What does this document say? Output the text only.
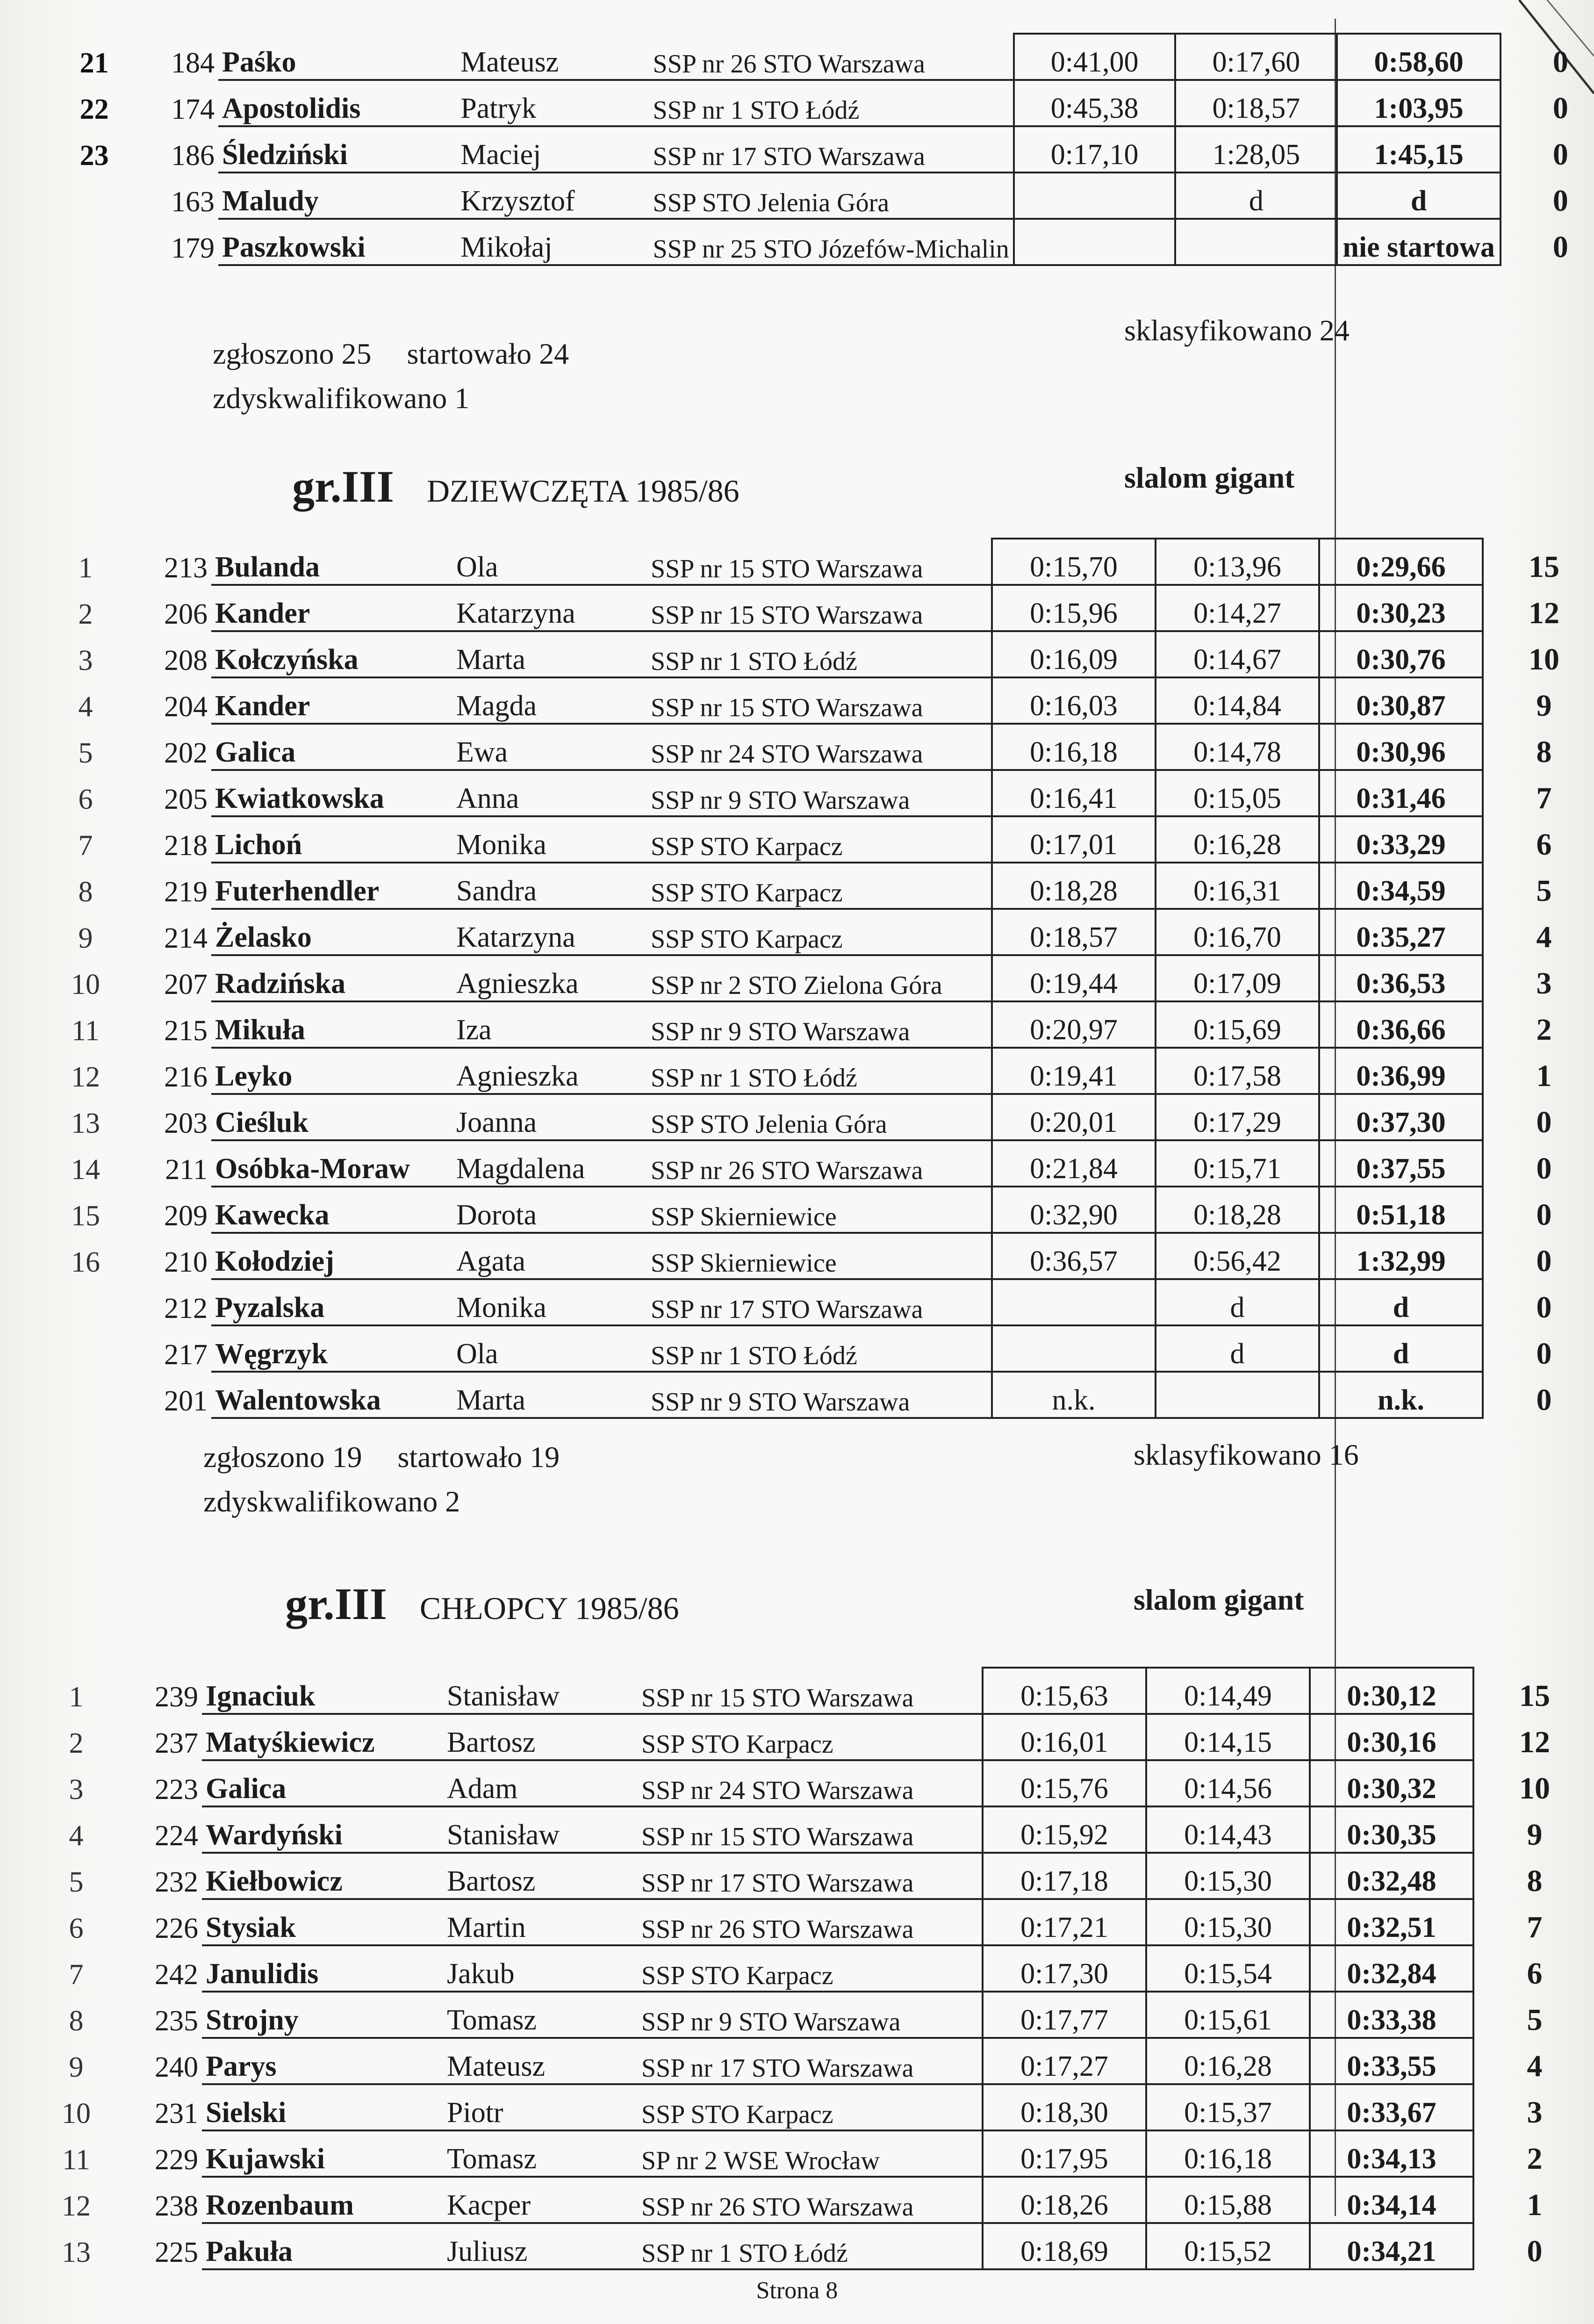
21	184	Paśko	Mateusz	SSP nr 26 STO Warszawa	0:41,00	0:17,60	0:58,60		0
22	174	Apostolidis	Patryk	SSP nr 1 STO Łódź	0:45,38	0:18,57	1:03,95		0
23	186	Śledziński	Maciej	SSP nr 17 STO Warszawa	0:17,10	1:28,05	1:45,15		0
	163	Maludy	Krzysztof	SSP STO Jelenia Góra		d	d		0
	179	Paszkowski	Mikołaj	SSP nr 25 STO Józefów-Michalin			nie startowa		0
zgłoszono 25 startowało 24
sklasyfikowano 24
zdyskwalifikowano 1
gr.III DZIEWCZĘTA 1985/86	slalom gigant
1	213	Bulanda	Ola	SSP nr 15 STO Warszawa	0:15,70	0:13,96	0:29,66		15
2	206	Kander	Katarzyna	SSP nr 15 STO Warszawa	0:15,96	0:14,27	0:30,23		12
3	208	Kołczyńska	Marta	SSP nr 1 STO Łódź	0:16,09	0:14,67	0:30,76		10
4	204	Kander	Magda	SSP nr 15 STO Warszawa	0:16,03	0:14,84	0:30,87		9
5	202	Galica	Ewa	SSP nr 24 STO Warszawa	0:16,18	0:14,78	0:30,96		8
6	205	Kwiatkowska	Anna	SSP nr 9 STO Warszawa	0:16,41	0:15,05	0:31,46		7
7	218	Lichoń	Monika	SSP STO Karpacz	0:17,01	0:16,28	0:33,29		6
8	219	Futerhendler	Sandra	SSP STO Karpacz	0:18,28	0:16,31	0:34,59		5
9	214	Żelasko	Katarzyna	SSP STO Karpacz	0:18,57	0:16,70	0:35,27		4
10	207	Radzińska	Agnieszka	SSP nr 2 STO Zielona Góra	0:19,44	0:17,09	0:36,53		3
11	215	Mikuła	Iza	SSP nr 9 STO Warszawa	0:20,97	0:15,69	0:36,66		2
12	216	Leyko	Agnieszka	SSP nr 1 STO Łódź	0:19,41	0:17,58	0:36,99		1
13	203	Cieśluk	Joanna	SSP STO Jelenia Góra	0:20,01	0:17,29	0:37,30		0
14	211	Osóbka-Moraw	Magdalena	SSP nr 26 STO Warszawa	0:21,84	0:15,71	0:37,55		0
15	209	Kawecka	Dorota	SSP Skierniewice	0:32,90	0:18,28	0:51,18		0
16	210	Kołodziej	Agata	SSP Skierniewice	0:36,57	0:56,42	1:32,99		0
	212	Pyzalska	Monika	SSP nr 17 STO Warszawa		d	d		0
	217	Węgrzyk	Ola	SSP nr 1 STO Łódź		d	d		0
	201	Walentowska	Marta	SSP nr 9 STO Warszawa	n.k.		n.k.		0
zgłoszono 19 startowało 19	sklasyfikowano 16
zdyskwalifikowano 2
gr.III CHŁOPCY 1985/86	slalom gigant
1	239	Ignaciuk	Stanisław	SSP nr 15 STO Warszawa	0:15,63	0:14,49	0:30,12		15
2	237	Matyśkiewicz	Bartosz	SSP STO Karpacz	0:16,01	0:14,15	0:30,16		12
3	223	Galica	Adam	SSP nr 24 STO Warszawa	0:15,76	0:14,56	0:30,32		10
4	224	Wardyński	Stanisław	SSP nr 15 STO Warszawa	0:15,92	0:14,43	0:30,35		9
5	232	Kiełbowicz	Bartosz	SSP nr 17 STO Warszawa	0:17,18	0:15,30	0:32,48		8
6	226	Stysiak	Martin	SSP nr 26 STO Warszawa	0:17,21	0:15,30	0:32,51		7
7	242	Janulidis	Jakub	SSP STO Karpacz	0:17,30	0:15,54	0:32,84		6
8	235	Strojny	Tomasz	SSP nr 9 STO Warszawa	0:17,77	0:15,61	0:33,38		5
9	240	Parys	Mateusz	SSP nr 17 STO Warszawa	0:17,27	0:16,28	0:33,55		4
10	231	Sielski	Piotr	SSP STO Karpacz	0:18,30	0:15,37	0:33,67		3
11	229	Kujawski	Tomasz	SP nr 2 WSE Wrocław	0:17,95	0:16,18	0:34,13		2
12	238	Rozenbaum	Kacper	SSP nr 26 STO Warszawa	0:18,26	0:15,88	0:34,14		1
13	225	Pakuła	Juliusz	SSP nr 1 STO Łódź	0:18,69	0:15,52	0:34,21		0
Strona 8
